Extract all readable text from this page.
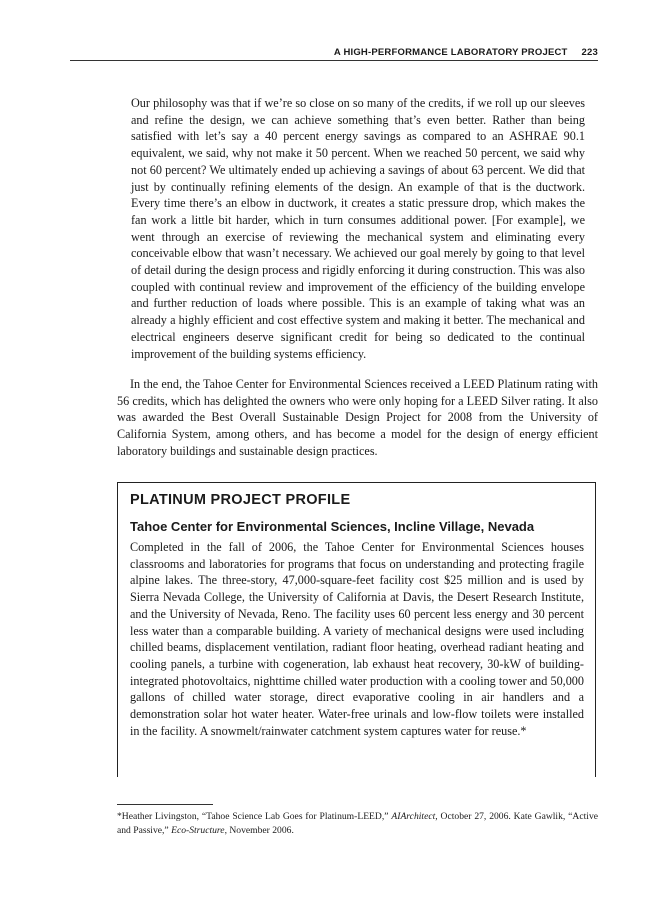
A HIGH-PERFORMANCE LABORATORY PROJECT 223

Our philosophy was that if we’re so close on so many of the credits, if we roll up our sleeves and refine the design, we can achieve something that’s even better. Rather than being satisfied with let’s say a 40 percent energy savings as compared to an ASHRAE 90.1 equivalent, we said, why not make it 50 percent. When we reached 50 percent, we said why not 60 percent? We ultimately ended up achieving a savings of about 63 percent. We did that just by continually refining elements of the design. An example of that is the ductwork. Every time there’s an elbow in ductwork, it creates a static pressure drop, which makes the fan work a little bit harder, which in turn consumes additional power. [For example], we went through an exercise of reviewing the mechanical system and eliminating every conceivable elbow that wasn’t necessary. We achieved our goal merely by going to that level of detail during the design process and rigidly enforcing it during construction. This was also coupled with continual review and improvement of the efficiency of the building envelope and further reduction of loads where possible. This is an example of taking what was an already a highly efficient and cost effective system and making it better. The mechanical and electrical engineers deserve significant credit for being so dedicated to the continual improvement of the building systems efficiency.

In the end, the Tahoe Center for Environmental Sciences received a LEED Platinum rating with 56 credits, which has delighted the owners who were only hoping for a LEED Silver rating. It also was awarded the Best Overall Sustainable Design Project for 2008 from the University of California System, among others, and has become a model for the design of energy efficient laboratory buildings and sustainable design practices.

PLATINUM PROJECT PROFILE
Tahoe Center for Environmental Sciences, Incline Village, Nevada

Completed in the fall of 2006, the Tahoe Center for Environmental Sciences houses classrooms and laboratories for programs that focus on understanding and protecting fragile alpine lakes. The three-story, 47,000-square-feet facility cost $25 million and is used by Sierra Nevada College, the University of California at Davis, the Desert Research Institute, and the University of Nevada, Reno. The facility uses 60 percent less energy and 30 percent less water than a comparable building. A variety of mechanical designs were used including chilled beams, displacement ventilation, radiant floor heating, overhead radiant heating and cooling panels, a turbine with cogeneration, lab exhaust heat recovery, 30-kW of building-integrated photovoltaics, nighttime chilled water production with a cooling tower and 50,000 gallons of chilled water storage, direct evaporative cooling in air handlers and a demonstration solar hot water heater. Water-free urinals and low-flow toilets were installed in the facility. A snowmelt/rainwater catchment system captures water for reuse.*

*Heather Livingston, “Tahoe Science Lab Goes for Platinum-LEED,” AIArchitect, October 27, 2006. Kate Gawlik, “Active and Passive,” Eco-Structure, November 2006.
